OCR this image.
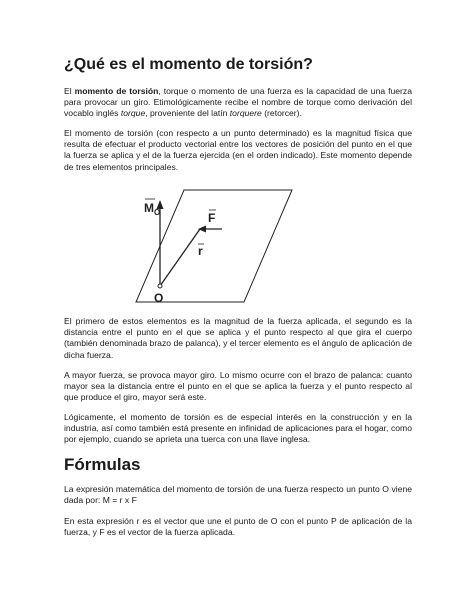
¿Qué es el momento de torsión?

El momento de torsión, torque o momento de una fuerza es la capacidad de una fuerza para provocar un giro. Etimológicamente recibe el nombre de torque como derivación del vocablo inglés torque, proveniente del latín torquere (retorcer).

El momento de torsión (con respecto a un punto determinado) es la magnitud física que resulta de efectuar el producto vectorial entre los vectores de posición del punto en el que la fuerza se aplica y el de la fuerza ejercida (en el orden indicado). Este momento depende de tres elementos principales.

M O	F
r
O

El primero de estos elementos es la magnitud de la fuerza aplicada, el segundo es la distancia entre el punto en el que se aplica y el punto respecto al que gira el cuerpo (también denominada brazo de palanca), y el tercer elemento es el ángulo de aplicación de dicha fuerza.

A mayor fuerza, se provoca mayor giro. Lo mismo ocurre con el brazo de palanca: cuanto mayor sea la distancia entre el punto en el que se aplica la fuerza y el punto respecto al que produce el giro, mayor será este.

Lógicamente, el momento de torsión es de especial interés en la construcción y en la industria, así como también está presente en infinidad de aplicaciones para el hogar, como por ejemplo, cuando se aprieta una tuerca con una llave inglesa.

Fórmulas

La expresión matemática del momento de torsión de una fuerza respecto un punto O viene dada por: M = r x F

En esta expresión r es el vector que une el punto de O con el punto P de aplicación de la fuerza, y F es el vector de la fuerza aplicada.
